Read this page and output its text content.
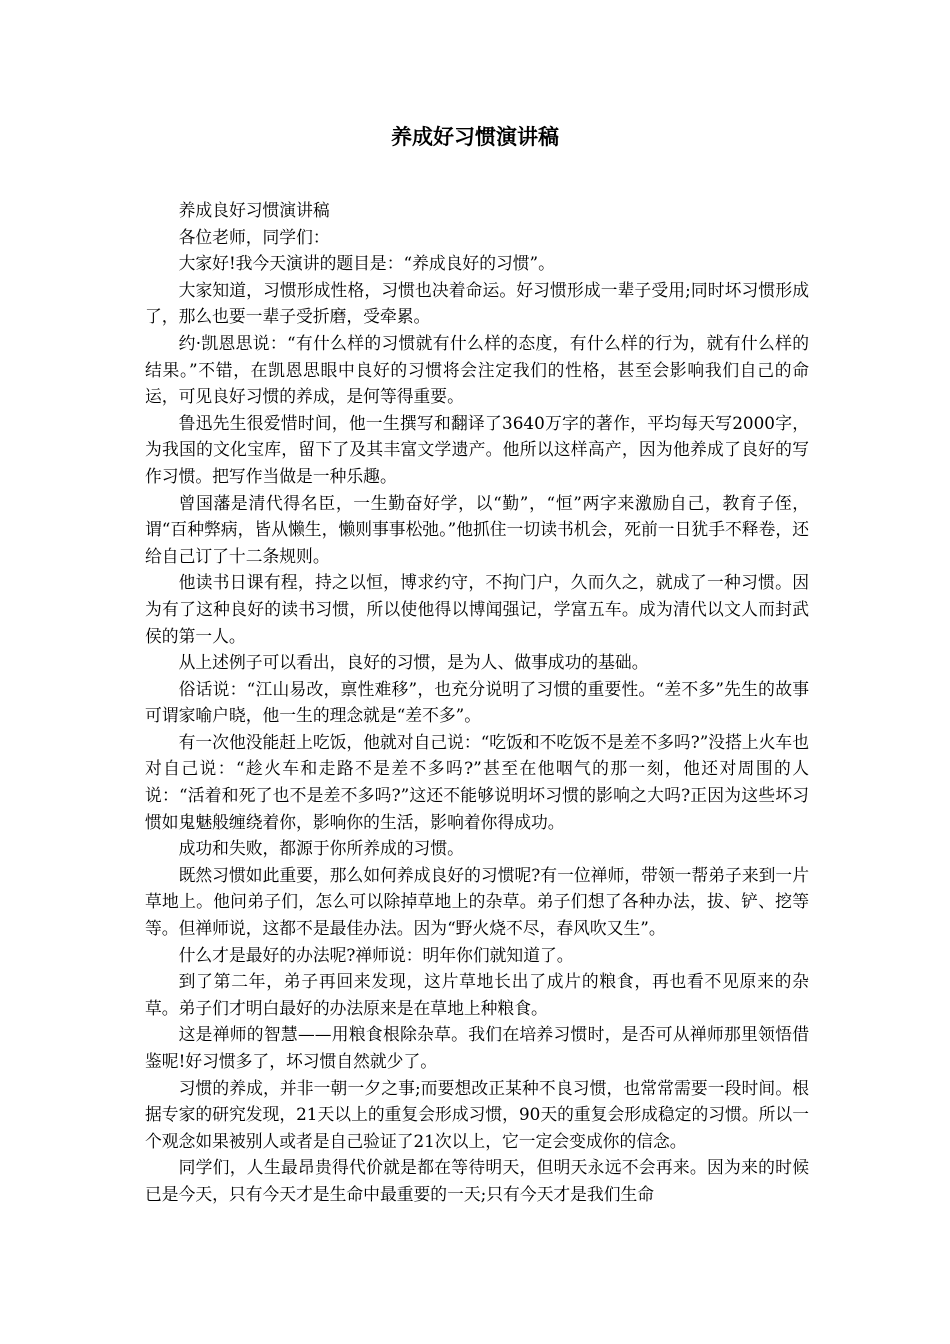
养成好习惯演讲稿

养成良好习惯演讲稿

各位老师，同学们：

大家好!我今天演讲的题目是：“养成良好的习惯”。

大家知道，习惯形成性格，习惯也决着命运。好习惯形成一辈子受用;同时坏习惯形成了，那么也要一辈子受折磨，受牵累。

约·凯恩思说：“有什么样的习惯就有什么样的态度，有什么样的行为，就有什么样的结果。”不错，在凯恩思眼中良好的习惯将会注定我们的性格，甚至会影响我们自己的命运，可见良好习惯的养成，是何等得重要。

鲁迅先生很爱惜时间，他一生撰写和翻译了3640万字的著作，平均每天写2000字，为我国的文化宝库，留下了及其丰富文学遗产。他所以这样高产，因为他养成了良好的写作习惯。把写作当做是一种乐趣。

曾国藩是清代得名臣，一生勤奋好学，以“勤”，“恒”两字来激励自己，教育子侄，谓“百种弊病，皆从懒生，懒则事事松弛。”他抓住一切读书机会，死前一日犹手不释卷，还给自己订了十二条规则。

他读书日课有程，持之以恒，博求约守，不拘门户，久而久之，就成了一种习惯。因为有了这种良好的读书习惯，所以使他得以博闻强记，学富五车。成为清代以文人而封武侯的第一人。

从上述例子可以看出，良好的习惯，是为人、做事成功的基础。

俗话说：“江山易改，禀性难移”，也充分说明了习惯的重要性。“差不多”先生的故事可谓家喻户晓，他一生的理念就是“差不多”。

有一次他没能赶上吃饭，他就对自己说：“吃饭和不吃饭不是差不多吗?”没搭上火车也对自己说：“趁火车和走路不是差不多吗?”甚至在他咽气的那一刻，他还对周围的人说：“活着和死了也不是差不多吗?”这还不能够说明坏习惯的影响之大吗?正因为这些坏习惯如鬼魅般缠绕着你，影响你的生活，影响着你得成功。

成功和失败，都源于你所养成的习惯。

既然习惯如此重要，那么如何养成良好的习惯呢?有一位禅师，带领一帮弟子来到一片草地上。他问弟子们，怎么可以除掉草地上的杂草。弟子们想了各种办法，拔、铲、挖等等。但禅师说，这都不是最佳办法。因为“野火烧不尽，春风吹又生”。

什么才是最好的办法呢?禅师说：明年你们就知道了。

到了第二年，弟子再回来发现，这片草地长出了成片的粮食，再也看不见原来的杂草。弟子们才明白最好的办法原来是在草地上种粮食。

这是禅师的智慧——用粮食根除杂草。我们在培养习惯时，是否可从禅师那里领悟借鉴呢!好习惯多了，坏习惯自然就少了。

习惯的养成，并非一朝一夕之事;而要想改正某种不良习惯，也常常需要一段时间。根据专家的研究发现，21天以上的重复会形成习惯，90天的重复会形成稳定的习惯。所以一个观念如果被别人或者是自己验证了21次以上，它一定会变成你的信念。

同学们，人生最昂贵得代价就是都在等待明天，但明天永远不会再来。因为来的时候已是今天，只有今天才是生命中最重要的一天;只有今天才是我们生命
